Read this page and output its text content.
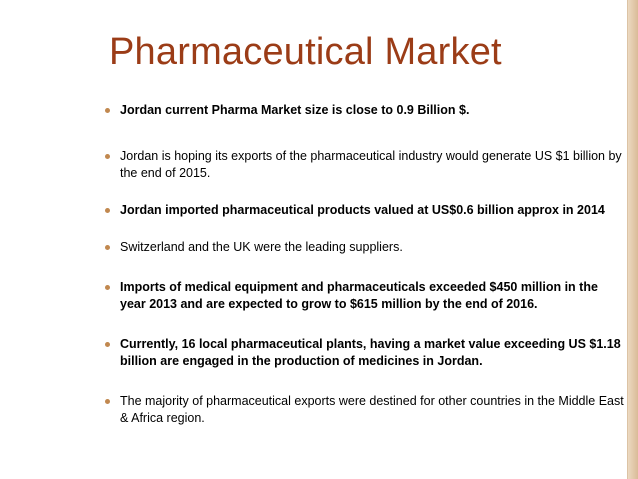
Pharmaceutical Market
Jordan current Pharma Market size is close to 0.9 Billion $.
Jordan is hoping its exports of the pharmaceutical industry would generate US $1 billion by the end of 2015.
Jordan imported pharmaceutical products valued at US$0.6 billion approx in 2014
Switzerland and the UK were the leading suppliers.
Imports of medical equipment and pharmaceuticals exceeded $450 million in the year 2013 and are expected to grow to $615 million by the end of 2016.
Currently, 16 local pharmaceutical plants, having a market value exceeding US $1.18 billion are engaged in the production of medicines in Jordan.
The majority of pharmaceutical exports were destined for other countries in the Middle East & Africa region.
